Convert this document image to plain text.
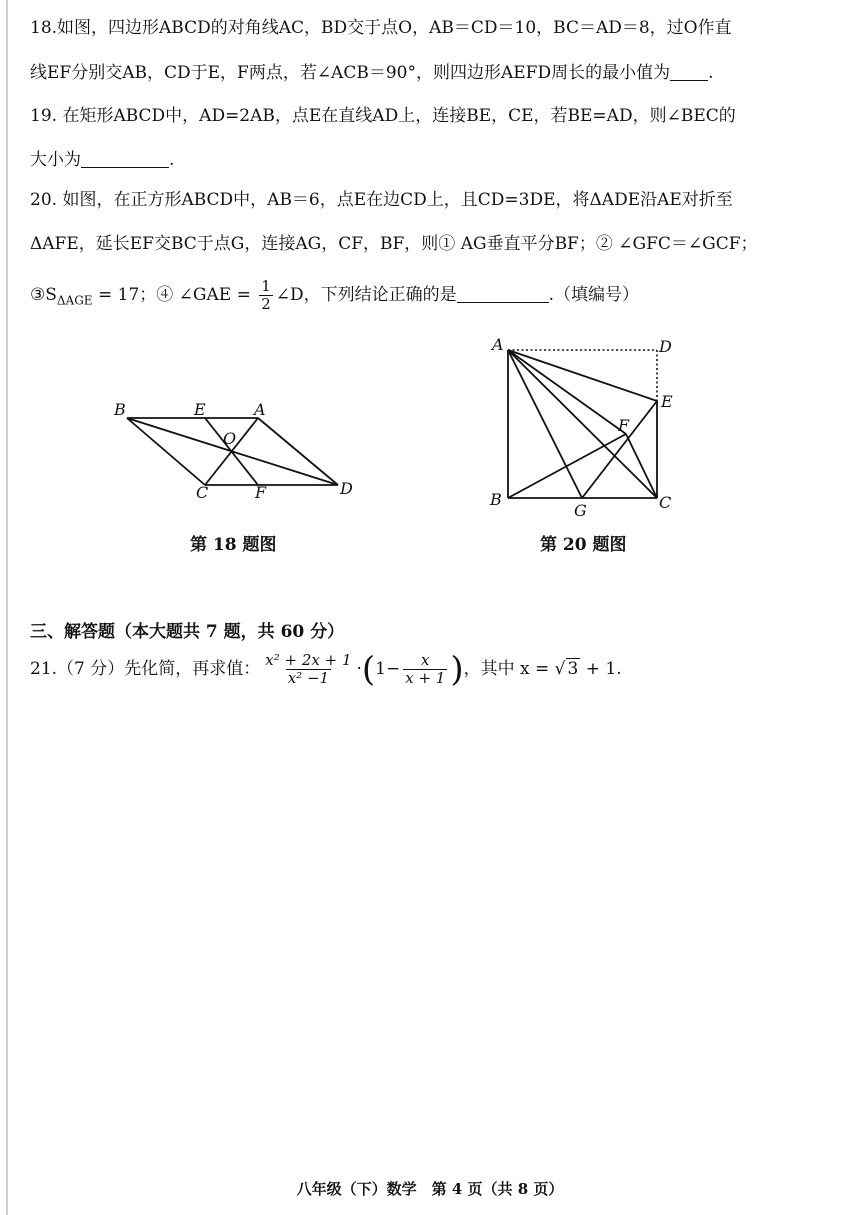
18.如图，四边形ABCD的对角线AC，BD交于点O，AB＝CD＝10，BC＝AD＝8，过O作直
线EF分别交AB，CD于E，F两点，若∠ACB＝90°，则四边形AEFD周长的最小值为 .
19. 在矩形ABCD中，AD=2AB，点E在直线AD上，连接BE，CE，若BE=AD，则∠BEC的
大小为	.
20. 如图，在正方形ABCD中，AB＝6，点E在边CD上，且CD=3DE，将ΔADE沿AE对折至
ΔAFE，延长EF交BC于点G，连接AG，CF，BF，则① AG垂直平分BF；② ∠GFC＝∠GCF；
$③S_{\Delta AGE} = 17$；④ ∠GAE = $\frac{1}{2}$ ∠D，下列结论正确的是	.（填编号）
B	E	A
O
C	F	D
第 18 题图
A	D
E
F
B
G	C
第 20 题图
三、解答题（本大题共 7 题，共 60 分）
21.（7 分）先化简，再求值： $\frac{\text{x² + 2x + 1}}{\text{x² −1}} \cdot(1- \frac{x}{x + 1}$ )，其中 x = √ 3 + 1.
八年级（下）数学　第 4 页（共 8 页）
